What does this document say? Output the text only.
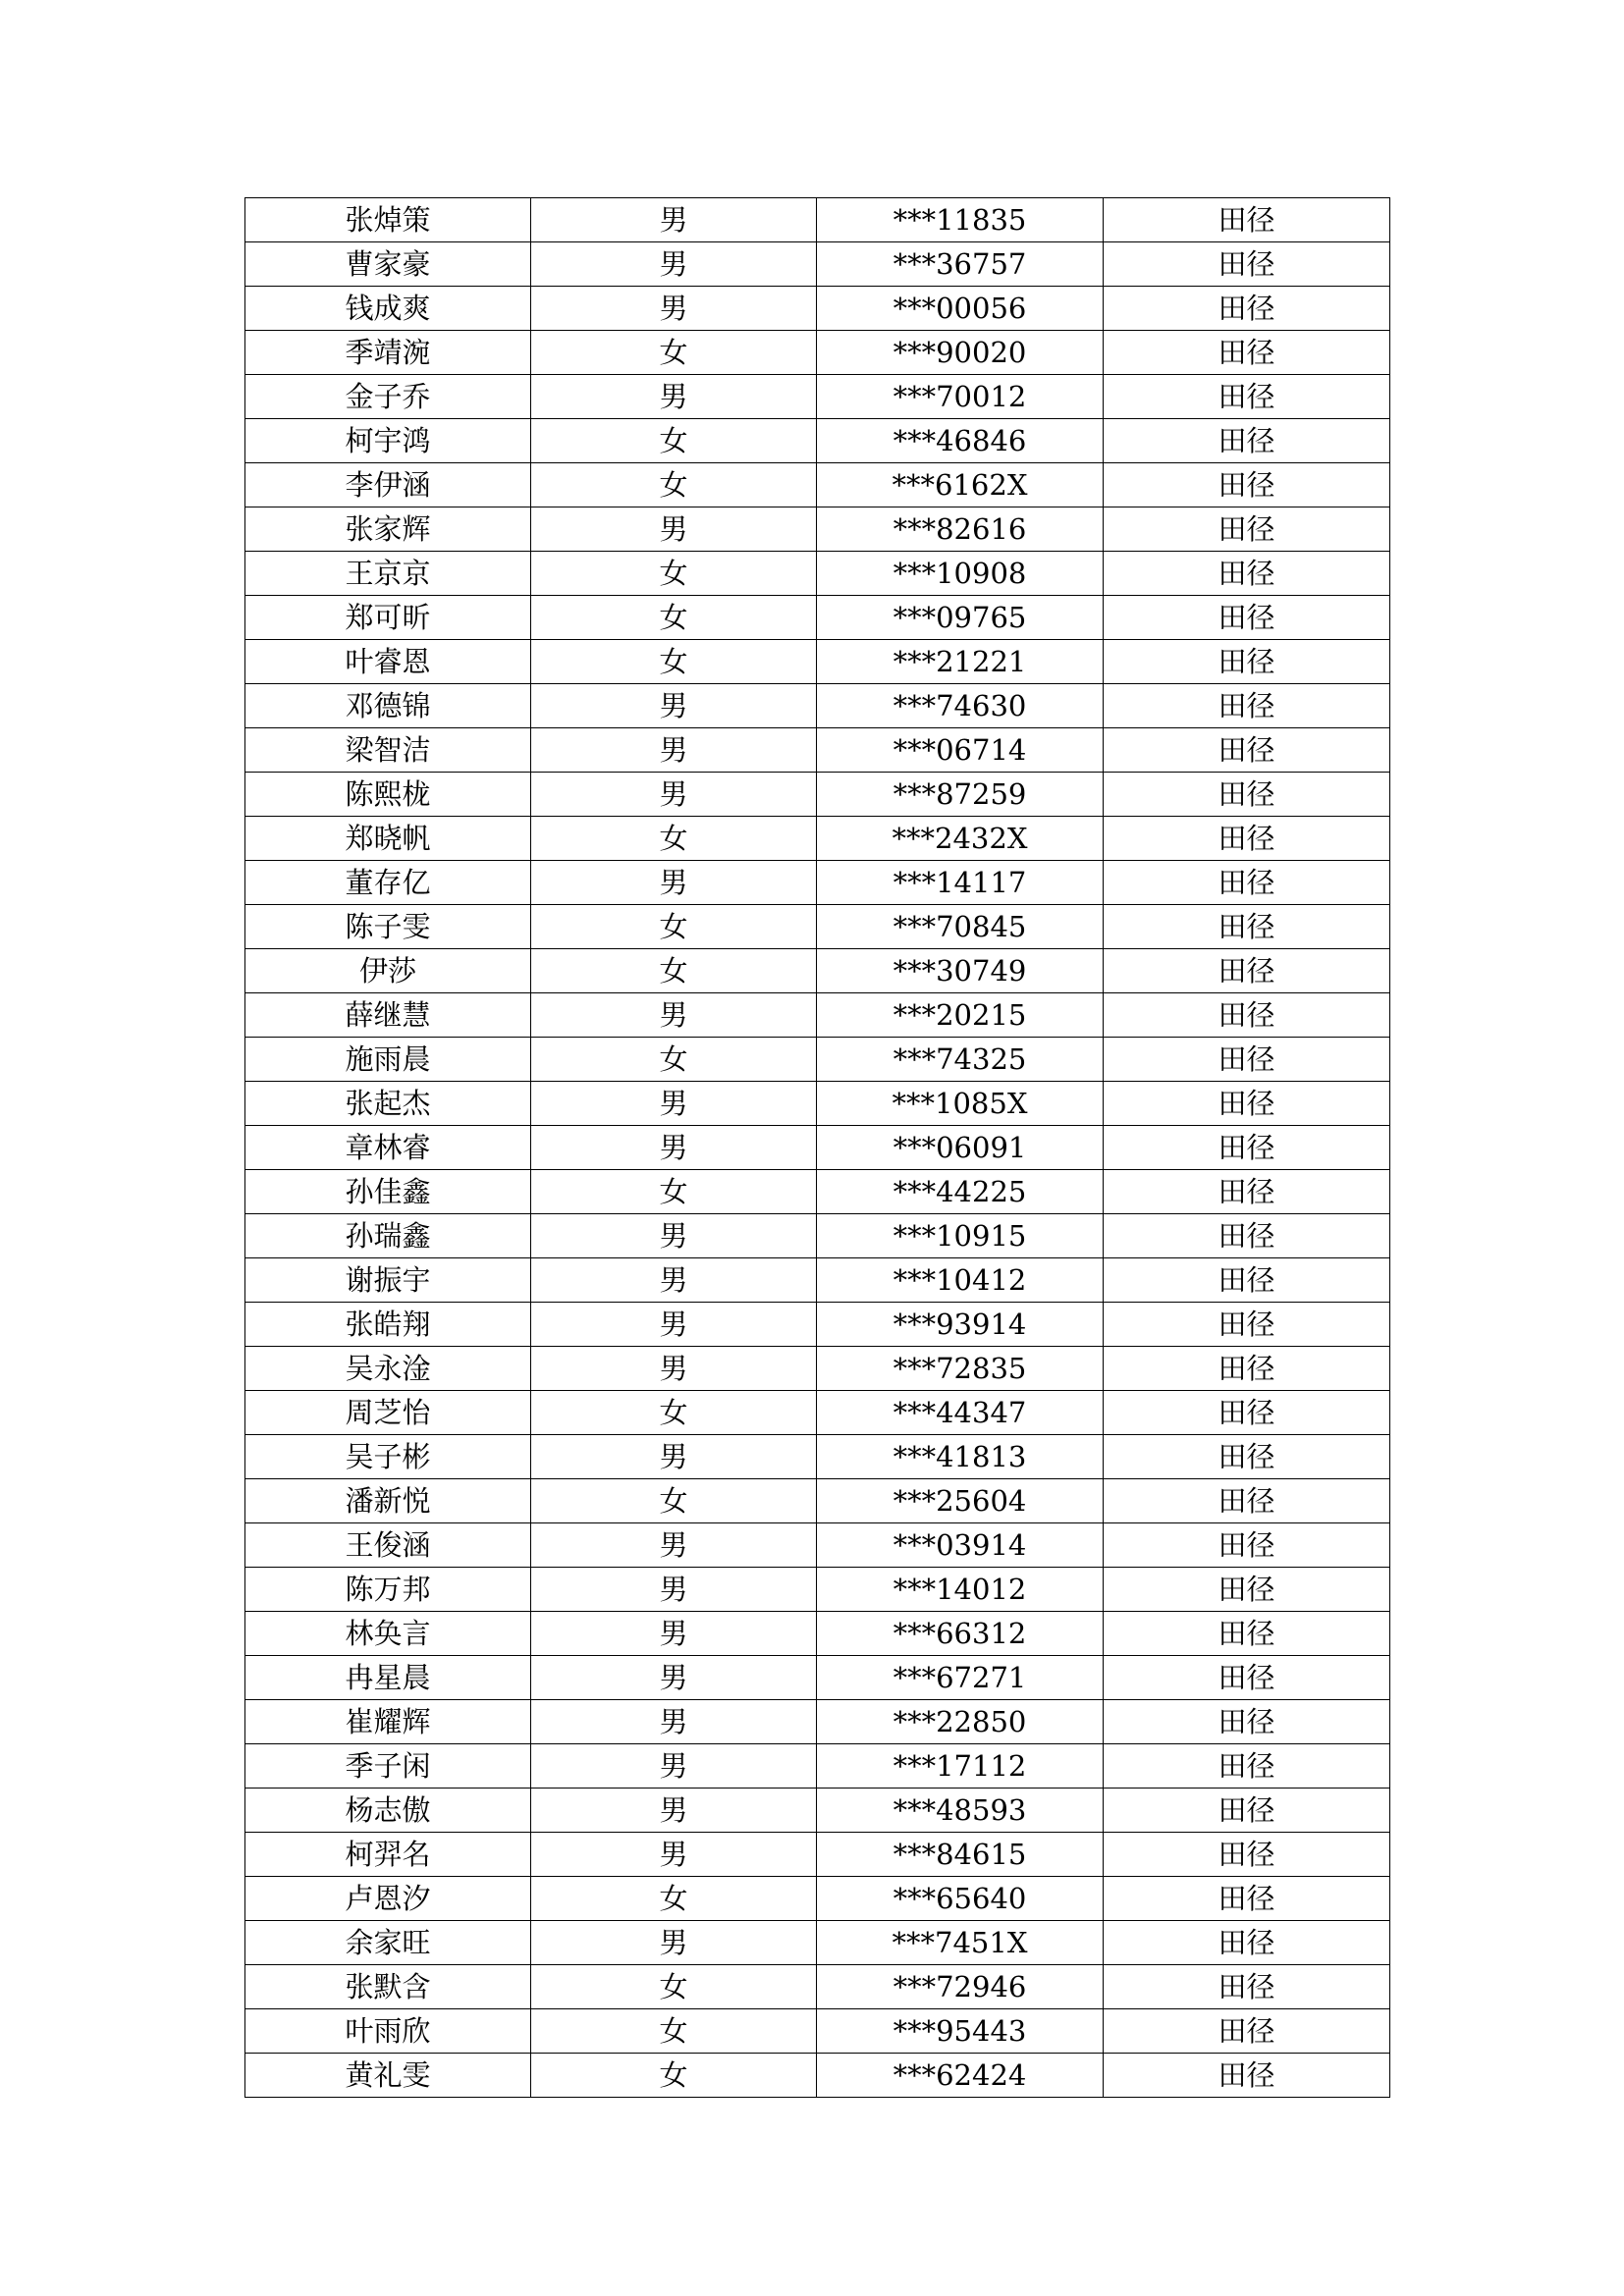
张焯策	男	***11835	田径
曹家豪	男	***36757	田径
钱成爽	男	***00056	田径
季靖涴	女	***90020	田径
金子乔	男	***70012	田径
柯宇鸿	女	***46846	田径
李伊涵	女	***6162X	田径
张家辉	男	***82616	田径
王京京	女	***10908	田径
郑可昕	女	***09765	田径
叶睿恩	女	***21221	田径
邓德锦	男	***74630	田径
梁智洁	男	***06714	田径
陈熙栊	男	***87259	田径
郑晓帆	女	***2432X	田径
董存亿	男	***14117	田径
陈子雯	女	***70845	田径
伊莎	女	***30749	田径
薛继慧	男	***20215	田径
施雨晨	女	***74325	田径
张起杰	男	***1085X	田径
章林睿	男	***06091	田径
孙佳鑫	女	***44225	田径
孙瑞鑫	男	***10915	田径
谢振宇	男	***10412	田径
张皓翔	男	***93914	田径
吴永淦	男	***72835	田径
周芝怡	女	***44347	田径
吴子彬	男	***41813	田径
潘新悦	女	***25604	田径
王俊涵	男	***03914	田径
陈万邦	男	***14012	田径
林奂言	男	***66312	田径
冉星晨	男	***67271	田径
崔耀辉	男	***22850	田径
季子闲	男	***17112	田径
杨志傲	男	***48593	田径
柯羿名	男	***84615	田径
卢恩汐	女	***65640	田径
余家旺	男	***7451X	田径
张默含	女	***72946	田径
叶雨欣	女	***95443	田径
黄礼雯	女	***62424	田径
